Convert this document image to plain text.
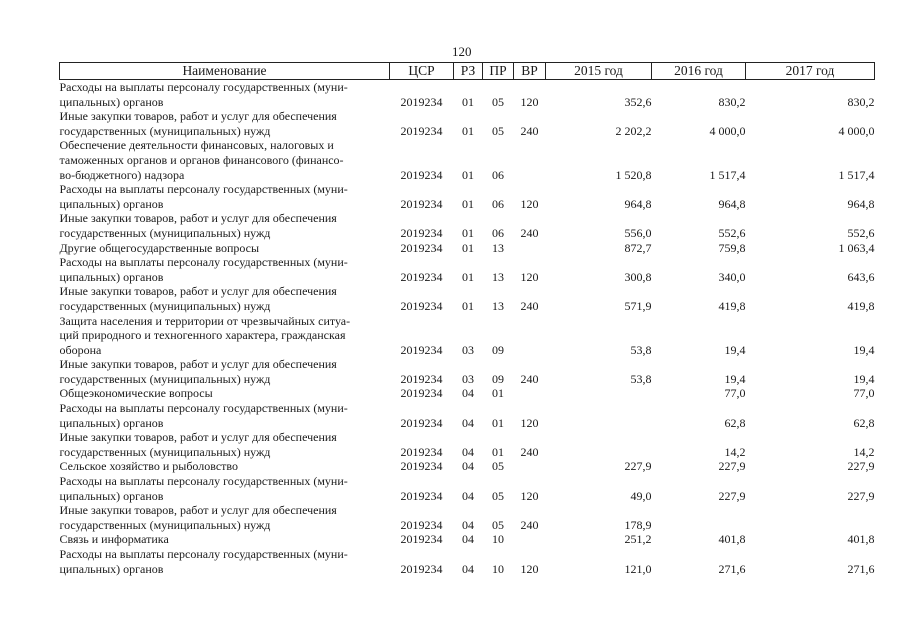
120
Наименование	ЦСР	РЗ	ПР	ВР	2015 год	2016 год	2017 год

Расходы на выплаты персоналу государственных (муни-
ципальных) органов	2019234	01	05	120	352,6	830,2	830,2

Иные закупки товаров, работ и услуг для обеспечения
государственных (муниципальных) нужд	2019234	01	05	240	2 202,2	4 000,0	4 000,0

Обеспечение деятельности финансовых, налоговых и
таможенных органов и органов финансового (финансо-
во-бюджетного) надзора	2019234	01	06		1 520,8	1 517,4	1 517,4

Расходы на выплаты персоналу государственных (муни-
ципальных) органов	2019234	01	06	120	964,8	964,8	964,8

Иные закупки товаров, работ и услуг для обеспечения
государственных (муниципальных) нужд	2019234	01	06	240	556,0	552,6	552,6

Другие общегосударственные вопросы	2019234	01	13		872,7	759,8	1 063,4

Расходы на выплаты персоналу государственных (муни-
ципальных) органов	2019234	01	13	120	300,8	340,0	643,6

Иные закупки товаров, работ и услуг для обеспечения
государственных (муниципальных) нужд	2019234	01	13	240	571,9	419,8	419,8

Защита населения и территории от чрезвычайных ситуа-
ций природного и техногенного характера, гражданская
оборона	2019234	03	09		53,8	19,4	19,4

Иные закупки товаров, работ и услуг для обеспечения
государственных (муниципальных) нужд	2019234	03	09	240	53,8	19,4	19,4

Общеэкономические вопросы	2019234	04	01			77,0	77,0

Расходы на выплаты персоналу государственных (муни-
ципальных) органов	2019234	04	01	120		62,8	62,8

Иные закупки товаров, работ и услуг для обеспечения
государственных (муниципальных) нужд	2019234	04	01	240		14,2	14,2

Сельское хозяйство и рыболовство	2019234	04	05		227,9	227,9	227,9

Расходы на выплаты персоналу государственных (муни-
ципальных) органов	2019234	04	05	120	49,0	227,9	227,9

Иные закупки товаров, работ и услуг для обеспечения
государственных (муниципальных) нужд	2019234	04	05	240	178,9		

Связь и информатика	2019234	04	10		251,2	401,8	401,8

Расходы на выплаты персоналу государственных (муни-
ципальных) органов	2019234	04	10	120	121,0	271,6	271,6
